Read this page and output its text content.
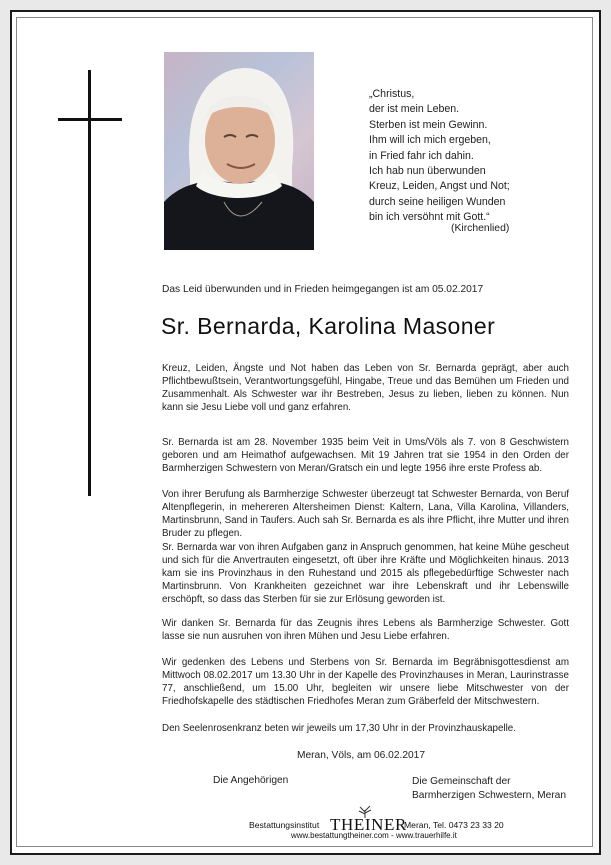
„Christus,
der ist mein Leben.
Sterben ist mein Gewinn.
Ihm will ich mich ergeben,
in Fried fahr ich dahin.
Ich hab nun überwunden
Kreuz, Leiden, Angst und Not;
durch seine heiligen Wunden
bin ich versöhnt mit Gott.“
(Kirchenlied)
Das Leid überwunden und in Frieden heimgegangen ist am 05.02.2017
Sr. Bernarda, Karolina Masoner

Kreuz, Leiden, Ängste und Not haben das Leben von Sr. Bernarda geprägt, aber auch Pflichtbewußtsein, Verantwortungsgefühl, Hingabe, Treue und das Bemühen um Frieden und Zusammenhalt. Als Schwester war ihr Bestreben, Jesus zu lieben, lieben zu können. Nun kann sie Jesu Liebe voll und ganz erfahren.

Sr. Bernarda ist am 28. November 1935 beim Veit in Ums/Völs als 7. von 8 Geschwistern geboren und am Heimathof aufgewachsen. Mit 19 Jahren trat sie 1954 in den Orden der Barmherzigen Schwestern von Meran/Gratsch ein und legte 1956 ihre erste Profess ab.

Von ihrer Berufung als Barmherzige Schwester überzeugt tat Schwester Bernarda, von Beruf Altenpflegerin, in mehereren Altersheimen Dienst: Kaltern, Lana, Villa Karolina, Villanders, Martinsbrunn, Sand in Taufers. Auch sah Sr. Bernarda es als ihre Pflicht, ihre Mutter und ihren Bruder zu pflegen.

Sr. Bernarda war von ihren Aufgaben ganz in Anspruch genommen, hat keine Mühe gescheut und sich für die Anvertrauten eingesetzt, oft über ihre Kräfte und Möglichkeiten hinaus. 2013 kam sie ins Provinzhaus in den Ruhestand und 2015 als pflegebedürftige Schwester nach Martinsbrunn. Von Krankheiten gezeichnet war ihre Lebenskraft und ihr Lebenswille erschöpft, so dass das Sterben für sie zur Erlösung geworden ist.

Wir danken Sr. Bernarda für das Zeugnis ihres Lebens als Barmherzige Schwester. Gott lasse sie nun ausruhen von ihren Mühen und Jesu Liebe erfahren.

Wir gedenken des Lebens und Sterbens von Sr. Bernarda im Begräbnisgottesdienst am Mittwoch 08.02.2017 um 13.30 Uhr in der Kapelle des Provinzhauses in Meran, Laurinstrasse 77, anschließend, um 15.00 Uhr, begleiten wir unsere liebe Mitschwester von der Friedhofskapelle des städtischen Friedhofes Meran zum Gräberfeld der Mitschwestern.

Den Seelenrosenkranz beten wir jeweils um 17,30 Uhr in der Provinzhauskapelle.

Meran, Völs, am 06.02.2017
Die Angehörigen	Die Gemeinschaft der
Barmherzigen Schwestern, Meran
Bestattungsinstitut THEINER
Meran, Tel. 0473 23 33 20
www.bestattungtheiner.com - www.trauerhilfe.it
